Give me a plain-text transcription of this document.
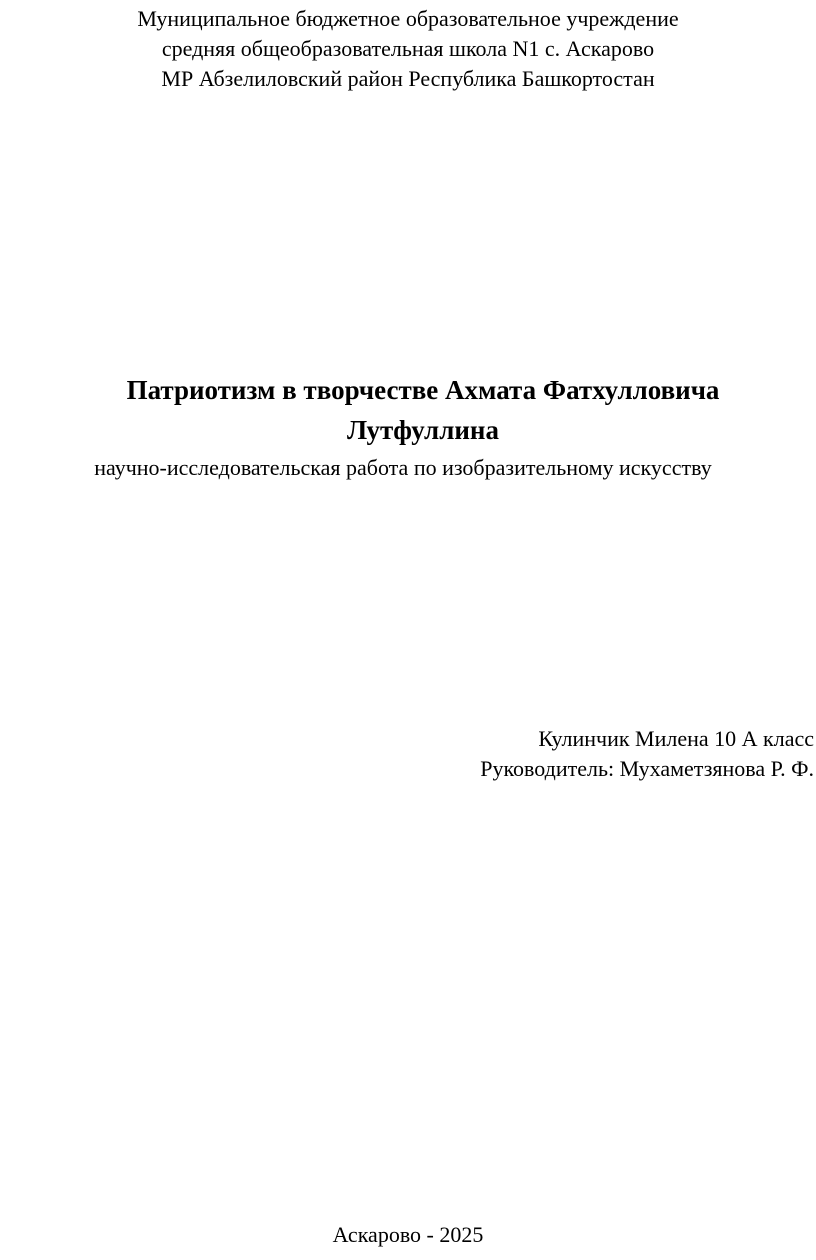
Муниципальное бюджетное образовательное учреждение
средняя общеобразовательная школа N1 с. Аскарово
МР Абзелиловский район Республика Башкортостан
Патриотизм в творчестве Ахмата Фатхулловича
Лутфуллина
научно-исследовательская работа по изобразительному искусству
Кулинчик Милена 10 А класс
Руководитель: Мухаметзянова Р. Ф.
Аскарово - 2025
